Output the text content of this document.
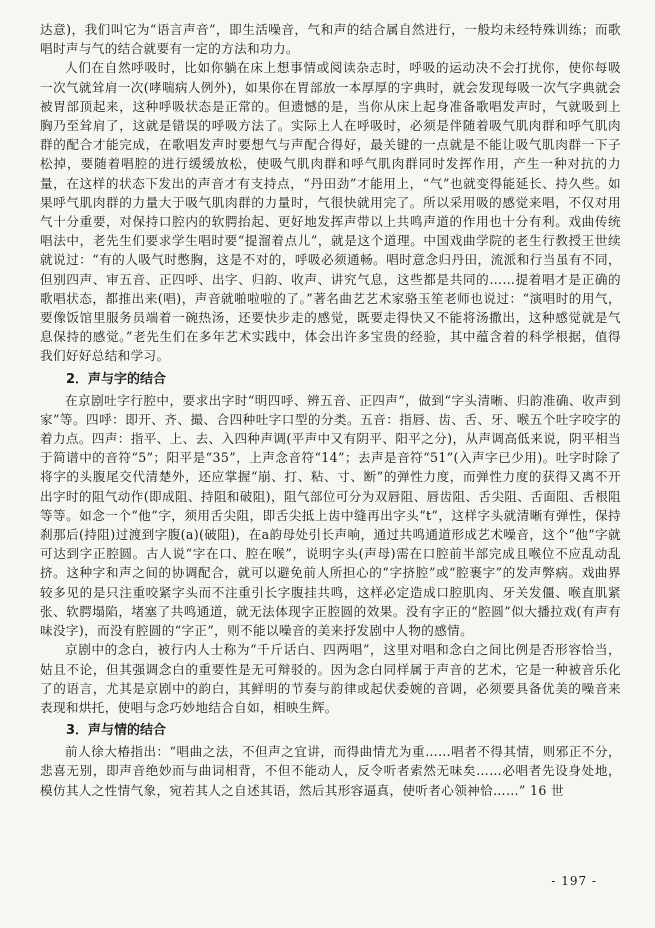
达意)，我们叫它为“语言声音”，即生活噪音，气和声的结合属自然进行，一般均未经特殊训练；而歌唱时声与气的结合就要有一定的方法和功力。

人们在自然呼吸时，比如你躺在床上想事情或阅读杂志时，呼吸的运动决不会打扰你，使你每吸一次气就耸肩一次(哮喘病人例外)，如果你在胃部放一本厚厚的字典时，就会发现每吸一次气字典就会被胃部顶起来，这种呼吸状态是正常的。但遗憾的是，当你从床上起身准备歌唱发声时，气就吸到上胸乃至耸肩了，这就是错误的呼吸方法了。实际上人在呼吸时，必须是伴随着吸气肌肉群和呼气肌肉群的配合才能完成，在歌唱发声时要想气与声配合得好，最关键的一点就是不能让吸气肌肉群一下子松掉，要随着唱腔的进行缓缓放松，使吸气肌肉群和呼气肌肉群同时发挥作用，产生一种对抗的力量，在这样的状态下发出的声音才有支持点，“丹田劲”才能用上，“气”也就变得能延长、持久些。如果呼气肌肉群的力量大于吸气肌肉群的力量时，气很快就用完了。所以采用吸的感觉来唱，不仅对用气十分重要，对保持口腔内的软腭抬起、更好地发挥声带以上共鸣声道的作用也十分有利。戏曲传统唱法中，老先生们要求学生唱时要“提溜着点儿”，就是这个道理。中国戏曲学院的老生行教授王世续就说过：“有的人吸气时憋胸，这是不对的，呼吸必须通畅。唱时意念归丹田，流派和行当虽有不同，但别四声、审五音、正四呼、出字、归韵、收声、讲究气息，这些都是共同的……提着唱才是正确的歌唱状态，都推出来(唱)，声音就啪啦啦的了。”著名曲艺艺术家骆玉笙老师也说过：“演唱时的用气，要像饭馆里服务员端着一碗热汤，还要快步走的感觉，既要走得快又不能将汤撒出，这种感觉就是气息保持的感觉。”老先生们在多年艺术实践中，体会出许多宝贵的经验，其中蕴含着的科学根据，值得我们好好总结和学习。

2．声与字的结合

在京剧吐字行腔中，要求出字时“明四呼、辨五音、正四声”，做到“字头清晰、归韵准确、收声到家”等。四呼：即开、齐、撮、合四种吐字口型的分类。五音：指唇、齿、舌、牙、喉五个吐字咬字的着力点。四声：指平、上、去、入四种声调(平声中又有阴平、阳平之分)，从声调高低来说，阴平相当于简谱中的音符“5”；阳平是“35”，上声念音符“14”；去声是音符“51”(入声字已少用)。吐字时除了将字的头腹尾交代清楚外，还应掌握“崩、打、粘、寸、断”的弹性力度，而弹性力度的获得又离不开出字时的阻气动作(即成阻、持阻和破阻)，阻气部位可分为双唇阻、唇齿阻、舌尖阻、舌面阻、舌根阻等等。如念一个“他”字，须用舌尖阻，即舌尖抵上齿中缝再出字头“t”，这样字头就清晰有弹性，保持刹那后(持阻)过渡到字腹(a)(破阻)，在a韵母处引长声响，通过共鸣通道形成艺术噪音，这个“他”字就可达到字正腔圆。古人说“字在口、腔在喉”，说明字头(声母)需在口腔前半部完成且喉位不应乱动乱挤。这种字和声之间的协调配合，就可以避免前人所担心的“字挤腔”或“腔裹字”的发声弊病。戏曲界较多见的是只注重咬紧字头而不注重引长字腹挂共鸣，这样必定造成口腔肌肉、牙关发僵、喉直肌紧张、软腭塌陷，堵塞了共鸣通道，就无法体现字正腔圆的效果。没有字正的“腔圆”似大播拉戏(有声有味没字)，而没有腔圆的“字正”，则不能以噪音的美来抒发剧中人物的感情。

京剧中的念白，被行内人士称为“千斤话白、四两唱”，这里对唱和念白之间比例是否形容恰当，姑且不论，但其强调念白的重要性是无可辩驳的。因为念白同样属于声音的艺术，它是一种被音乐化了的语言，尤其是京剧中的韵白，其鲜明的节奏与韵律或起伏委婉的音调，必须要具备优美的噪音来表现和烘托，使唱与念巧妙地结合自如，相映生辉。

3．声与情的结合

前人徐大椿指出：“唱曲之法，不但声之宜讲，而得曲情尤为重……唱者不得其情，则邪正不分，悲喜无别，即声音绝妙而与曲词相背，不但不能动人，反令听者索然无味矣……必唱者先设身处地，模仿其人之性情气象，宛若其人之自述其语，然后其形容逼真，使听者心领神恰……” 16 世

- 197 -
